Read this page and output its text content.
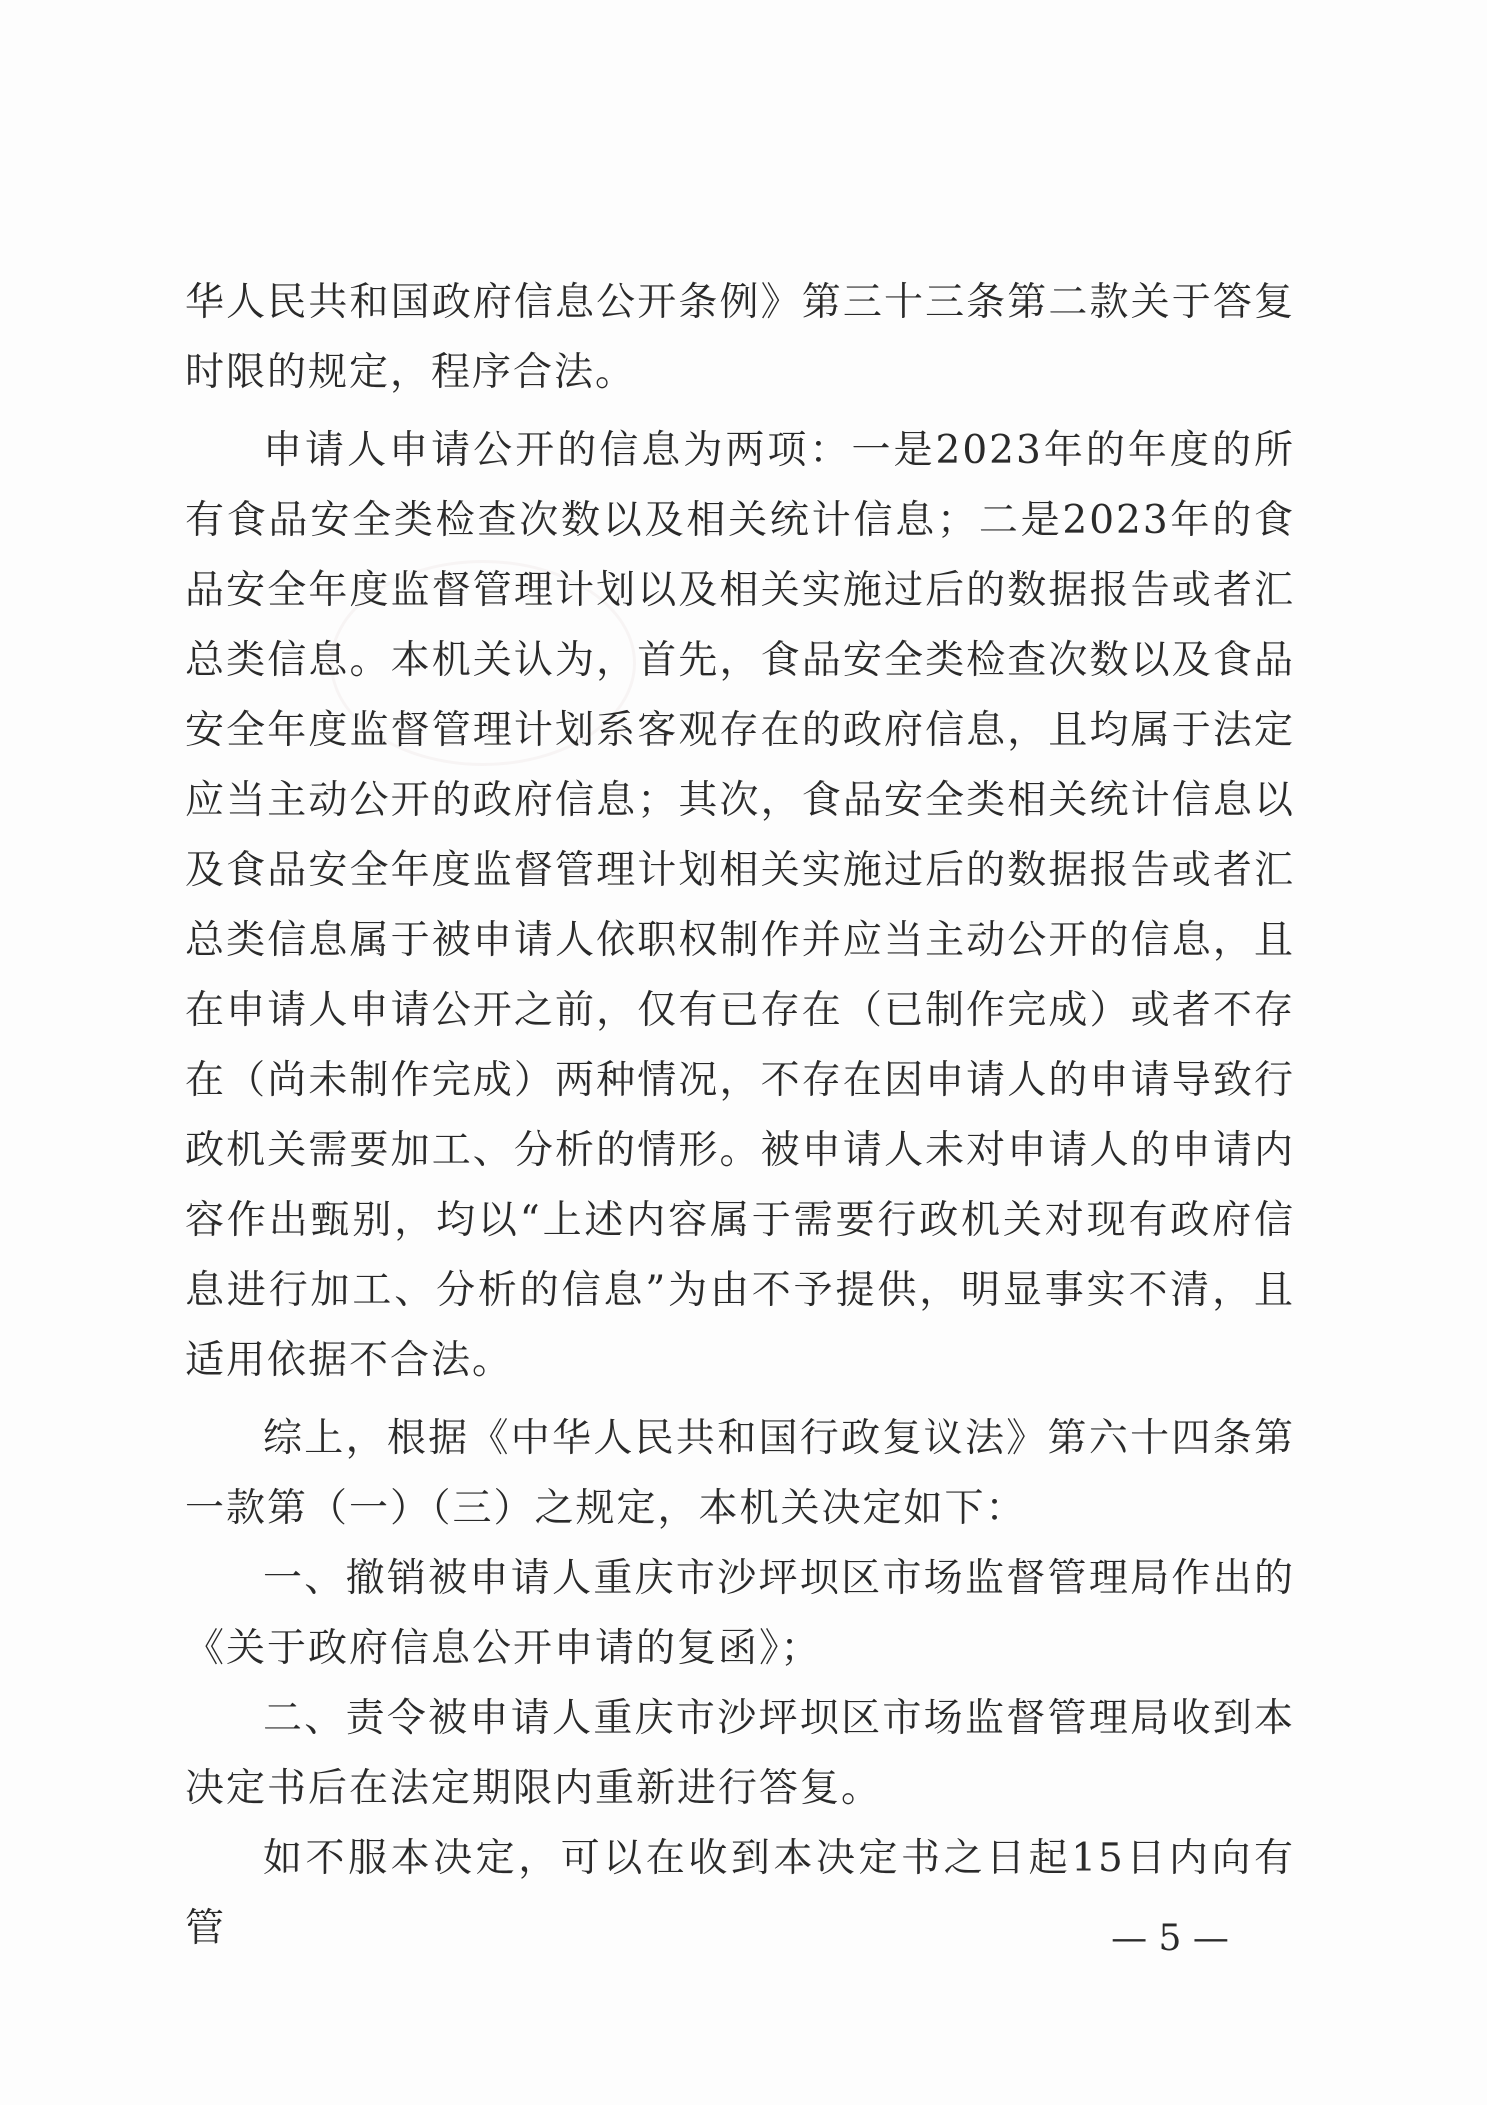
华人民共和国政府信息公开条例》第三十三条第二款关于答复时限的规定，程序合法。

申请人申请公开的信息为两项：一是2023年的年度的所有食品安全类检查次数以及相关统计信息；二是2023年的食品安全年度监督管理计划以及相关实施过后的数据报告或者汇总类信息。本机关认为，首先，食品安全类检查次数以及食品安全年度监督管理计划系客观存在的政府信息，且均属于法定应当主动公开的政府信息；其次，食品安全类相关统计信息以及食品安全年度监督管理计划相关实施过后的数据报告或者汇总类信息属于被申请人依职权制作并应当主动公开的信息，且在申请人申请公开之前，仅有已存在（已制作完成）或者不存在（尚未制作完成）两种情况，不存在因申请人的申请导致行政机关需要加工、分析的情形。被申请人未对申请人的申请内容作出甄别，均以“上述内容属于需要行政机关对现有政府信息进行加工、分析的信息”为由不予提供，明显事实不清，且适用依据不合法。

综上，根据《中华人民共和国行政复议法》第六十四条第一款第（一）（三）之规定，本机关决定如下：

一、撤销被申请人重庆市沙坪坝区市场监督管理局作出的《关于政府信息公开申请的复函》；

二、责令被申请人重庆市沙坪坝区市场监督管理局收到本决定书后在法定期限内重新进行答复。

如不服本决定，可以在收到本决定书之日起15日内向有管	— 5 —
